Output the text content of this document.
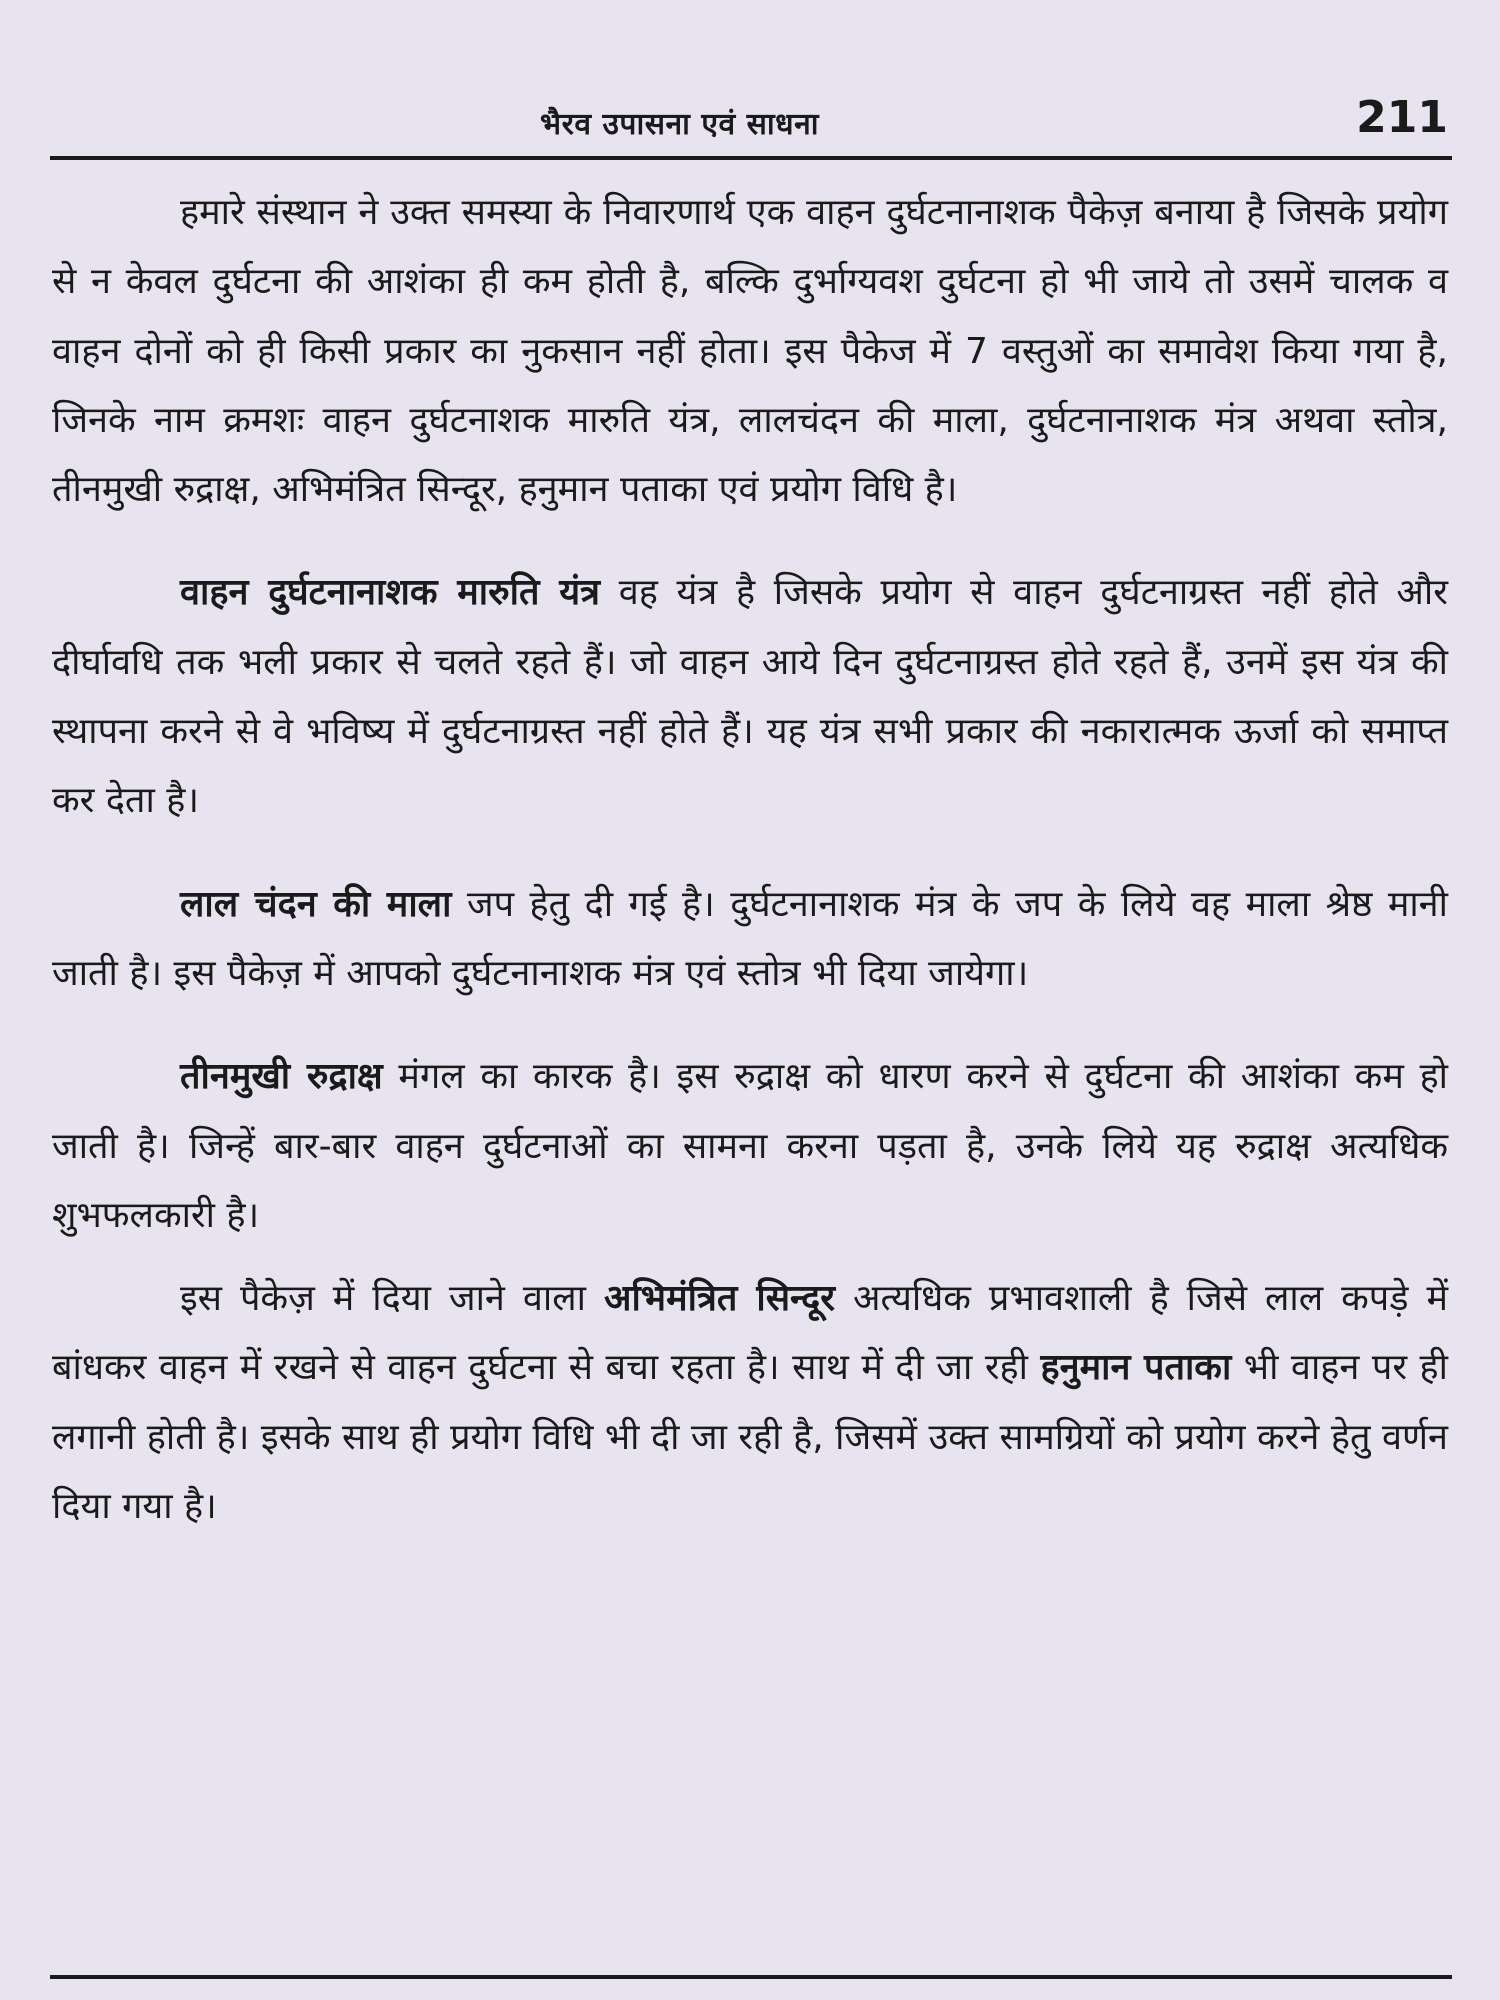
भैरव उपासना एवं साधना	211

हमारे संस्थान ने उक्त समस्या के निवारणार्थ एक वाहन दुर्घटनानाशक पैकेज़ बनाया है जिसके प्रयोग से न केवल दुर्घटना की आशंका ही कम होती है, बल्कि दुर्भाग्यवश दुर्घटना हो भी जाये तो उसमें चालक व वाहन दोनों को ही किसी प्रकार का नुकसान नहीं होता। इस पैकेज में 7 वस्तुओं का समावेश किया गया है, जिनके नाम क्रमशः वाहन दुर्घटनाशक मारुति यंत्र, लालचंदन की माला, दुर्घटनानाशक मंत्र अथवा स्तोत्र, तीनमुखी रुद्राक्ष, अभिमंत्रित सिन्दूर, हनुमान पताका एवं प्रयोग विधि है।

वाहन दुर्घटनानाशक मारुति यंत्र वह यंत्र है जिसके प्रयोग से वाहन दुर्घटनाग्रस्त नहीं होते और दीर्घावधि तक भली प्रकार से चलते रहते हैं। जो वाहन आये दिन दुर्घटनाग्रस्त होते रहते हैं, उनमें इस यंत्र की स्थापना करने से वे भविष्य में दुर्घटनाग्रस्त नहीं होते हैं। यह यंत्र सभी प्रकार की नकारात्मक ऊर्जा को समाप्त कर देता है।

लाल चंदन की माला जप हेतु दी गई है। दुर्घटनानाशक मंत्र के जप के लिये वह माला श्रेष्ठ मानी जाती है। इस पैकेज़ में आपको दुर्घटनानाशक मंत्र एवं स्तोत्र भी दिया जायेगा।

तीनमुखी रुद्राक्ष मंगल का कारक है। इस रुद्राक्ष को धारण करने से दुर्घटना की आशंका कम हो जाती है। जिन्हें बार-बार वाहन दुर्घटनाओं का सामना करना पड़ता है, उनके लिये यह रुद्राक्ष अत्यधिक शुभफलकारी है।

इस पैकेज़ में दिया जाने वाला अभिमंत्रित सिन्दूर अत्यधिक प्रभावशाली है जिसे लाल कपड़े में बांधकर वाहन में रखने से वाहन दुर्घटना से बचा रहता है। साथ में दी जा रही हनुमान पताका भी वाहन पर ही लगानी होती है। इसके साथ ही प्रयोग विधि भी दी जा रही है, जिसमें उक्त सामग्रियों को प्रयोग करने हेतु वर्णन दिया गया है।
